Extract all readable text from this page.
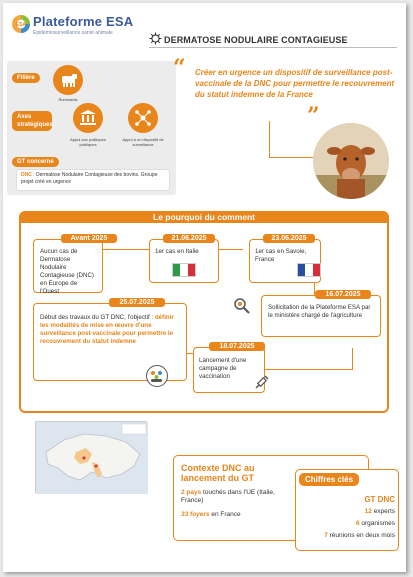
ESA Plateforme ESA
Epidémiosurveillance santé animale
DERMATOSE NODULAIRE CONTAGIEUSE
Filière
Ruminants
Axes stratégiques
Appui aux politiques publiques
Appui à un dispositif de surveillance
GT concerné
DNC : Dermatose Nodulaire Contagieuse des bovins. Groupe projet créé en urgence
“ Créer en urgence un dispositif de surveillance post-vaccinale de la DNC pour permettre le recouvrement du statut indemne de la France
”
Le pourquoi du comment
Aucun cas de Dermatose Nodulaire Contagieuse (DNC) en Europe de l'Ouest
Avant 2025
1er cas en Italie
21.06.2025
1er cas en Savoie, France
23.06.2025
Sollicitation de la Plateforme ESA par le ministère chargé de l'agriculture
16.07.2025
Lancement d'une campagne de vaccination
18.07.2025
Début des travaux du GT DNC, l'objectif : définir les modalités de mise en œuvre d'une surveillance post-vaccinale pour permettre le recouvrement du statut indemne
25.07.2025
Contexte DNC au lancement du GT
2 pays touchés dans l'UE (Italie, France)
33 foyers en France
Chiffres clés
GT DNC
12 experts
6 organismes
7 réunions en deux mois
